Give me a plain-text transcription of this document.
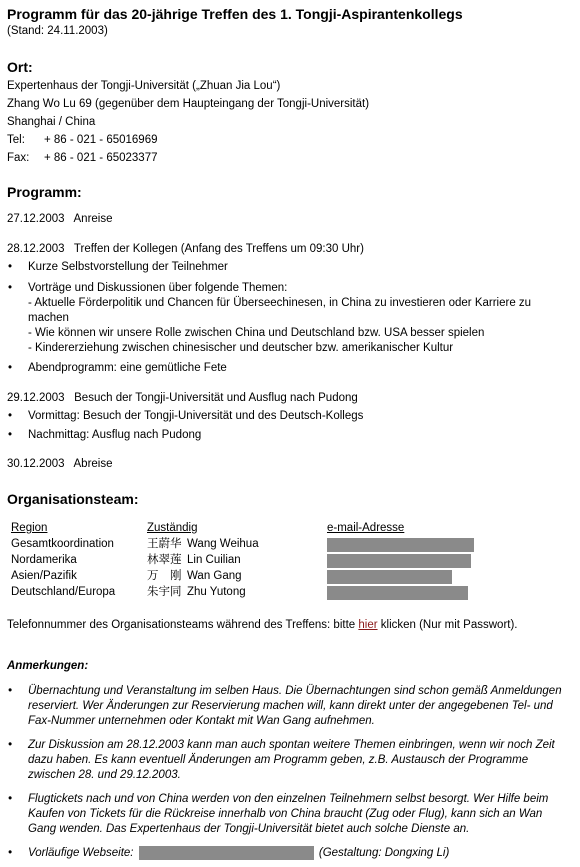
Programm für das 20-jährige Treffen des 1. Tongji-Aspirantenkollegs

(Stand: 24.11.2003)

Ort:

Expertenhaus der Tongji-Universität („Zhuan Jia Lou“)

Zhang Wo Lu 69 (gegenüber dem Haupteingang der Tongji-Universität)

Shanghai / China

Tel:	+ 86 - 021 - 65016969
Fax:	+ 86 - 021 - 65023377
Programm:

27.12.2003   Anreise

28.12.2003   Treffen der Kollegen (Anfang des Treffens um 09:30 Uhr)

• Kurze Selbstvorstellung der Teilnehmer
• Vorträge und Diskussionen über folgende Themen:
- Aktuelle Förderpolitik und Chancen für Überseechinesen, in China zu investieren oder Karriere zu machen
- Wie können wir unsere Rolle zwischen China und Deutschland bzw. USA besser spielen
- Kindererziehung zwischen chinesischer und deutscher bzw. amerikanischer Kultur
• Abendprogramm: eine gemütliche Fete

29.12.2003   Besuch der Tongji-Universität und Ausflug nach Pudong

• Vormittag: Besuch der Tongji-Universität und des Deutsch-Kollegs
• Nachmittag: Ausflug nach Pudong

30.12.2003   Abreise

Organisationsteam:
Region	Zuständig	e-mail-Adresse
Gesamtkoordination	王蔚华 Wang Weihua
Nordamerika	林翠莲 Lin Cuilian
Asien/Pazifik	万　刚 Wan Gang
Deutschland/Europa	朱宇同 Zhu Yutong

Telefonnummer des Organisationsteams während des Treffens: bitte hier klicken (Nur mit Passwort).

Anmerkungen:
• Übernachtung und Veranstaltung im selben Haus. Die Übernachtungen sind schon gemäß Anmeldungen reserviert. Wer Änderungen zur Reservierung machen will, kann direkt unter der angegebenen Tel- und Fax-Nummer unternehmen oder Kontakt mit Wan Gang aufnehmen.
• Zur Diskussion am 28.12.2003 kann man auch spontan weitere Themen einbringen, wenn wir noch Zeit dazu haben. Es kann eventuell Änderungen am Programm geben, z.B. Austausch der Programme zwischen 28. und 29.12.2003.
• Flugtickets nach und von China werden von den einzelnen Teilnehmern selbst besorgt. Wer Hilfe beim Kaufen von Tickets für die Rückreise innerhalb von China braucht (Zug oder Flug), kann sich an Wan Gang wenden. Das Expertenhaus der Tongji-Universität bietet auch solche Dienste an.
• Vorläufige Webseite:	(Gestaltung: Dongxing Li)
